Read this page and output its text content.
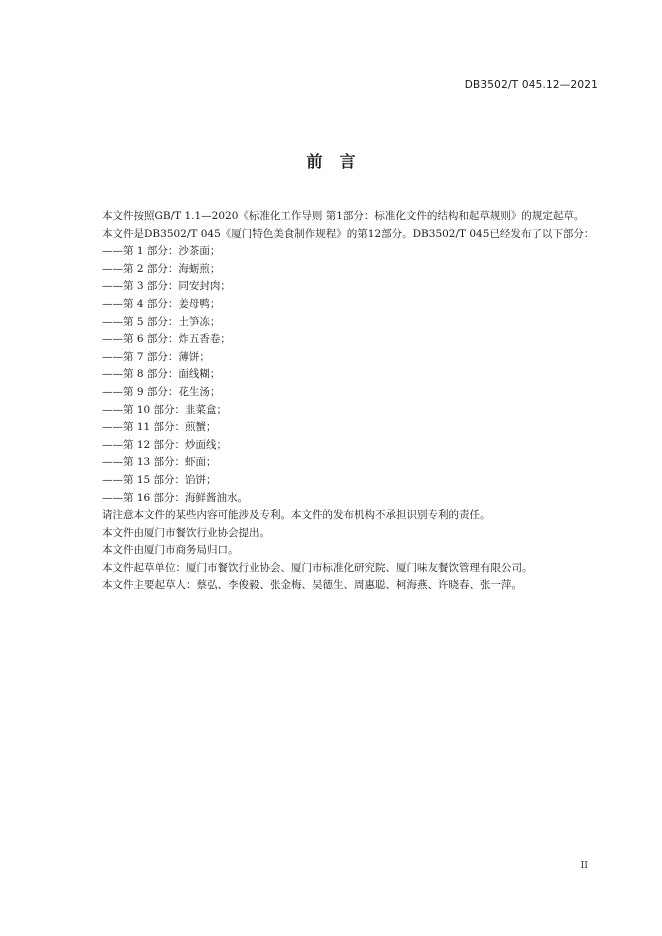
DB3502/T 045.12—2021
前言

本文件按照GB/T 1.1—2020《标准化工作导则 第1部分：标准化文件的结构和起草规则》的规定起草。

本文件是DB3502/T 045《厦门特色美食制作规程》的第12部分。DB3502/T 045已经发布了以下部分：

——第 1 部分：沙茶面；

——第 2 部分：海蛎煎；

——第 3 部分：同安封肉；

——第 4 部分：姜母鸭；

——第 5 部分：土笋冻；

——第 6 部分：炸五香卷；

——第 7 部分：薄饼；

——第 8 部分：面线糊；

——第 9 部分：花生汤；

——第 10 部分：韭菜盒；

——第 11 部分：煎蟹；

——第 12 部分：炒面线；

——第 13 部分：虾面；

——第 15 部分：馅饼；

——第 16 部分：海鲜酱油水。

请注意本文件的某些内容可能涉及专利。本文件的发布机构不承担识别专利的责任。

本文件由厦门市餐饮行业协会提出。

本文件由厦门市商务局归口。

本文件起草单位：厦门市餐饮行业协会、厦门市标准化研究院、厦门味友餐饮管理有限公司。

本文件主要起草人：蔡弘、李俊毅、张金梅、吴德生、周惠聪、柯海燕、许晓春、张一萍。

II
